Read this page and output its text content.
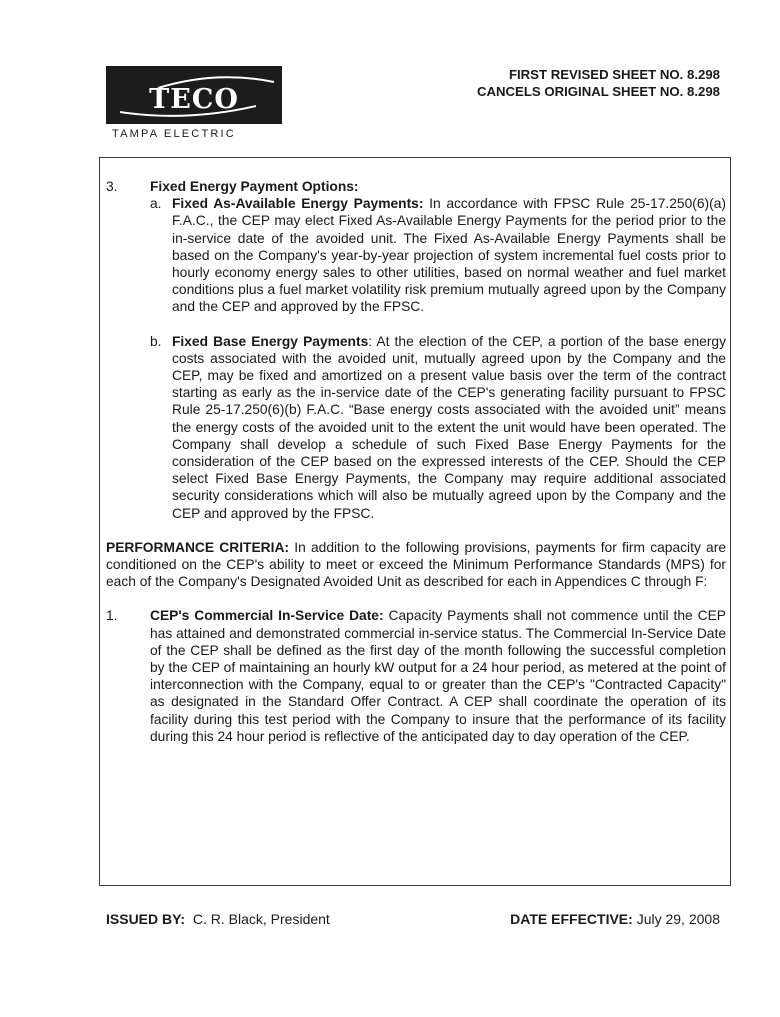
TECO
TAMPA ELECTRIC
FIRST REVISED SHEET NO. 8.298
CANCELS ORIGINAL SHEET NO. 8.298
3.	Fixed Energy Payment Options:
a. Fixed As-Available Energy Payments: In accordance with FPSC Rule 25-17.250(6)(a) F.A.C., the CEP may elect Fixed As-Available Energy Payments for the period prior to the in-service date of the avoided unit. The Fixed As-Available Energy Payments shall be based on the Company's year-by-year projection of system incremental fuel costs prior to hourly economy energy sales to other utilities, based on normal weather and fuel market conditions plus a fuel market volatility risk premium mutually agreed upon by the Company and the CEP and approved by the FPSC.
b. Fixed Base Energy Payments: At the election of the CEP, a portion of the base energy costs associated with the avoided unit, mutually agreed upon by the Company and the CEP, may be fixed and amortized on a present value basis over the term of the contract starting as early as the in-service date of the CEP's generating facility pursuant to FPSC Rule 25-17.250(6)(b) F.A.C. “Base energy costs associated with the avoided unit” means the energy costs of the avoided unit to the extent the unit would have been operated. The Company shall develop a schedule of such Fixed Base Energy Payments for the consideration of the CEP based on the expressed interests of the CEP. Should the CEP select Fixed Base Energy Payments, the Company may require additional associated security considerations which will also be mutually agreed upon by the Company and the CEP and approved by the FPSC.
PERFORMANCE CRITERIA: In addition to the following provisions, payments for firm capacity are conditioned on the CEP's ability to meet or exceed the Minimum Performance Standards (MPS) for each of the Company's Designated Avoided Unit as described for each in Appendices C through F:
1.	CEP's Commercial In-Service Date: Capacity Payments shall not commence until the CEP has attained and demonstrated commercial in-service status. The Commercial In-Service Date of the CEP shall be defined as the first day of the month following the successful completion by the CEP of maintaining an hourly kW output for a 24 hour period, as metered at the point of interconnection with the Company, equal to or greater than the CEP's "Contracted Capacity" as designated in the Standard Offer Contract. A CEP shall coordinate the operation of its facility during this test period with the Company to insure that the performance of its facility during this 24 hour period is reflective of the anticipated day to day operation of the CEP.
ISSUED BY: C. R. Black, President	DATE EFFECTIVE: July 29, 2008
